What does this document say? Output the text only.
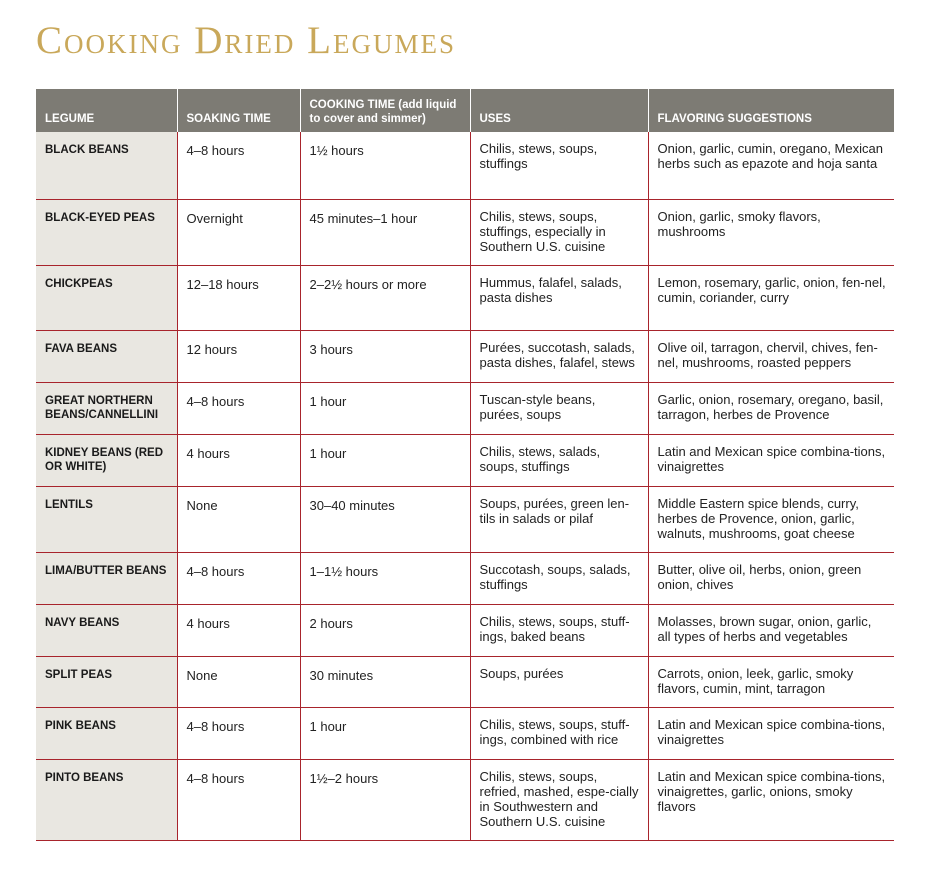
Cooking Dried Legumes
LEGUME	SOAKING TIME	COOKING TIME (add liquid to cover and simmer)	USES	FLAVORING SUGGESTIONS
BLACK BEANS	4–8 hours	1½ hours	Chilis, stews, soups, stuffings	Onion, garlic, cumin, oregano, Mexican herbs such as epazote and hoja santa
BLACK-EYED PEAS	Overnight	45 minutes–1 hour	Chilis, stews, soups, stuffings, especially in Southern U.S. cuisine	Onion, garlic, smoky flavors, mushrooms
CHICKPEAS	12–18 hours	2–2½ hours or more	Hummus, falafel, salads, pasta dishes	Lemon, rosemary, garlic, onion, fen-nel, cumin, coriander, curry
FAVA BEANS	12 hours	3 hours	Purées, succotash, salads, pasta dishes, falafel, stews	Olive oil, tarragon, chervil, chives, fen-nel, mushrooms, roasted peppers
GREAT NORTHERN BEANS/CANNELLINI	4–8 hours	1 hour	Tuscan-style beans, purées, soups	Garlic, onion, rosemary, oregano, basil, tarragon, herbes de Provence
KIDNEY BEANS (RED OR WHITE)	4 hours	1 hour	Chilis, stews, salads, soups, stuffings	Latin and Mexican spice combina-tions, vinaigrettes
LENTILS	None	30–40 minutes	Soups, purées, green len-tils in salads or pilaf	Middle Eastern spice blends, curry, herbes de Provence, onion, garlic, walnuts, mushrooms, goat cheese
LIMA/BUTTER BEANS	4–8 hours	1–1½ hours	Succotash, soups, salads, stuffings	Butter, olive oil, herbs, onion, green onion, chives
NAVY BEANS	4 hours	2 hours	Chilis, stews, soups, stuff-ings, baked beans	Molasses, brown sugar, onion, garlic, all types of herbs and vegetables
SPLIT PEAS	None	30 minutes	Soups, purées	Carrots, onion, leek, garlic, smoky flavors, cumin, mint, tarragon
PINK BEANS	4–8 hours	1 hour	Chilis, stews, soups, stuff-ings, combined with rice	Latin and Mexican spice combina-tions, vinaigrettes
PINTO BEANS	4–8 hours	1½–2 hours	Chilis, stews, soups, refried, mashed, espe-cially in Southwestern and Southern U.S. cuisine	Latin and Mexican spice combina-tions, vinaigrettes, garlic, onions, smoky flavors
